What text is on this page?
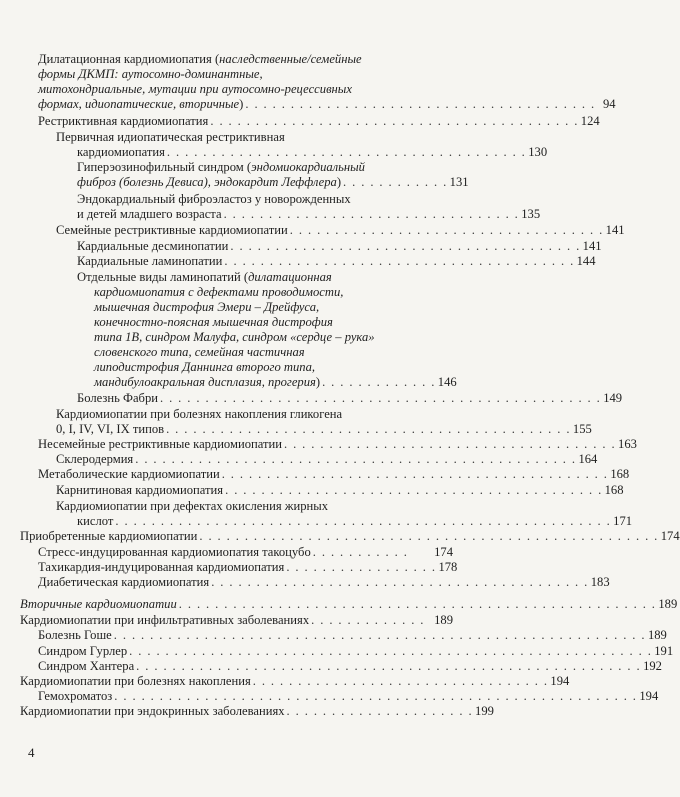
Дилатационная кардиомиопатия (наследственные/семейные
формы ДКМП: аутосомно-доминантные,
митохондриальные, мутации при аутосомно-рецессивных
формах, идиопатические, вторичные) . . . . . . . . . . . . . . . . . . . . . . . . . . . . . . . . . . . . . . . 94
Рестриктивная кардиомиопатия . . . . . . . . . . . . . . . . . . . . . . . . . . . . . . . . . . . . . . . . . 124
Первичная идиопатическая рестриктивная
кардиомиопатия . . . . . . . . . . . . . . . . . . . . . . . . . . . . . . . . . . . . . . . . 130
Гиперэозинофильный синдром (эндомиокардиальный
фиброз (болезнь Девиса), эндокардит Леффлера) . . . . . . . . . . . . 131
Эндокардиальный фиброэластоз у новорожденных
и детей младшего возраста . . . . . . . . . . . . . . . . . . . . . . . . . . . . . . . . . 135
Семейные рестриктивные кардиомиопатии . . . . . . . . . . . . . . . . . . . . . . . . . . . . . . . . . . . 141
Кардиальные десминопатии . . . . . . . . . . . . . . . . . . . . . . . . . . . . . . . . . . . . . . . 141
Кардиальные ламинопатии . . . . . . . . . . . . . . . . . . . . . . . . . . . . . . . . . . . . . . . 144
Отдельные виды ламинопатий (дилатационная
кардиомиопатия с дефектами проводимости,
мышечная дистрофия Эмери – Дрейфуса,
конечностно-поясная мышечная дистрофия
типа 1B, синдром Малуфа, синдром «сердце – рука»
словенского типа, семейная частичная
липодистрофия Даннинга второго типа,
мандибулоакральная дисплазия, прогерия) . . . . . . . . . . . . . 146
Болезнь Фабри . . . . . . . . . . . . . . . . . . . . . . . . . . . . . . . . . . . . . . . . . . . . . . . . . 149
Кардиомиопатии при болезнях накопления гликогена
0, I, IV, VI, IX типов . . . . . . . . . . . . . . . . . . . . . . . . . . . . . . . . . . . . . . . . . . . . . 155
Несемейные рестриктивные кардиомиопатии . . . . . . . . . . . . . . . . . . . . . . . . . . . . . . . . . . . . . 163
Склеродермия . . . . . . . . . . . . . . . . . . . . . . . . . . . . . . . . . . . . . . . . . . . . . . . . . 164
Метаболические кардиомиопатии . . . . . . . . . . . . . . . . . . . . . . . . . . . . . . . . . . . . . . . . . . . 168
Карнитиновая кардиомиопатия . . . . . . . . . . . . . . . . . . . . . . . . . . . . . . . . . . . . . . . . . . 168
Кардиомиопатии при дефектах окисления жирных
кислот . . . . . . . . . . . . . . . . . . . . . . . . . . . . . . . . . . . . . . . . . . . . . . . . . . . . . . . 171
Приобретенные кардиомиопатии . . . . . . . . . . . . . . . . . . . . . . . . . . . . . . . . . . . . . . . . . . . . . . . . . . . 174
Стресс-индуцированная кардиомиопатия такоцубо . . . . . . . . . . .	174
Тахикардия-индуцированная кардиомиопатия . . . . . . . . . . . . . . . . . 178
Диабетическая кардиомиопатия . . . . . . . . . . . . . . . . . . . . . . . . . . . . . . . . . . . . . . . . . . 183
Вторичные кардиомиопатии . . . . . . . . . . . . . . . . . . . . . . . . . . . . . . . . . . . . . . . . . . . . . . . . . . . . . 189
Кардиомиопатии при инфильтративных заболеваниях . . . . . . . . . . . . . 189
Болезнь Гоше . . . . . . . . . . . . . . . . . . . . . . . . . . . . . . . . . . . . . . . . . . . . . . . . . . . . . . . . . . . 189
Синдром Гурлер . . . . . . . . . . . . . . . . . . . . . . . . . . . . . . . . . . . . . . . . . . . . . . . . . . . . . . . . . . 191
Синдром Хантера . . . . . . . . . . . . . . . . . . . . . . . . . . . . . . . . . . . . . . . . . . . . . . . . . . . . . . . . 192
Кардиомиопатии при болезнях накопления . . . . . . . . . . . . . . . . . . . . . . . . . . . . . . . . . 194
Гемохроматоз . . . . . . . . . . . . . . . . . . . . . . . . . . . . . . . . . . . . . . . . . . . . . . . . . . . . . . . . . . 194
Кардиомиопатии при эндокринных заболеваниях . . . . . . . . . . . . . . . . . . . . . 199
4
